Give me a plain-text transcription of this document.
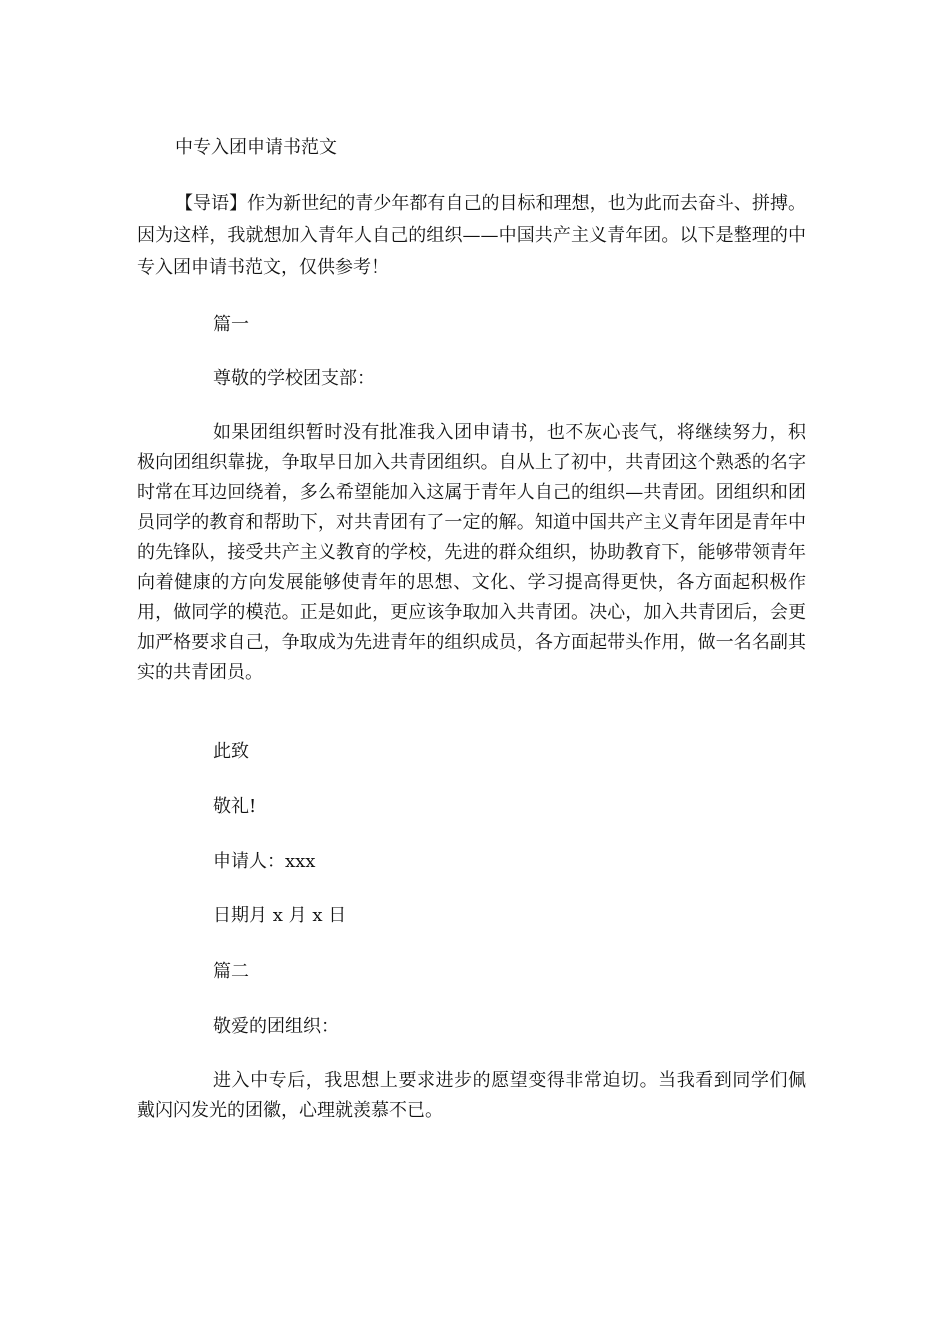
中专入团申请书范文
【导语】作为新世纪的青少年都有自己的目标和理想，也为此而去奋斗、拼搏。因为这样，我就想加入青年人自己的组织——中国共产主义青年团。以下是整理的中专入团申请书范文，仅供参考！
篇一
尊敬的学校团支部：
如果团组织暂时没有批准我入团申请书，也不灰心丧气，将继续努力，积极向团组织靠拢，争取早日加入共青团组织。自从上了初中，共青团这个熟悉的名字时常在耳边回绕着，多么希望能加入这属于青年人自己的组织—共青团。团组织和团员同学的教育和帮助下，对共青团有了一定的解。知道中国共产主义青年团是青年中的先锋队，接受共产主义教育的学校，先进的群众组织，协助教育下，能够带领青年向着健康的方向发展能够使青年的思想、文化、学习提高得更快，各方面起积极作用，做同学的模范。正是如此，更应该争取加入共青团。决心，加入共青团后，会更加严格要求自己，争取成为先进青年的组织成员，各方面起带头作用，做一名名副其实的共青团员。
此致
敬礼!
申请人：xxx
日期月 x 月 x 日
篇二
敬爱的团组织：
进入中专后，我思想上要求进步的愿望变得非常迫切。当我看到同学们佩戴闪闪发光的团徽，心理就羡慕不已。
